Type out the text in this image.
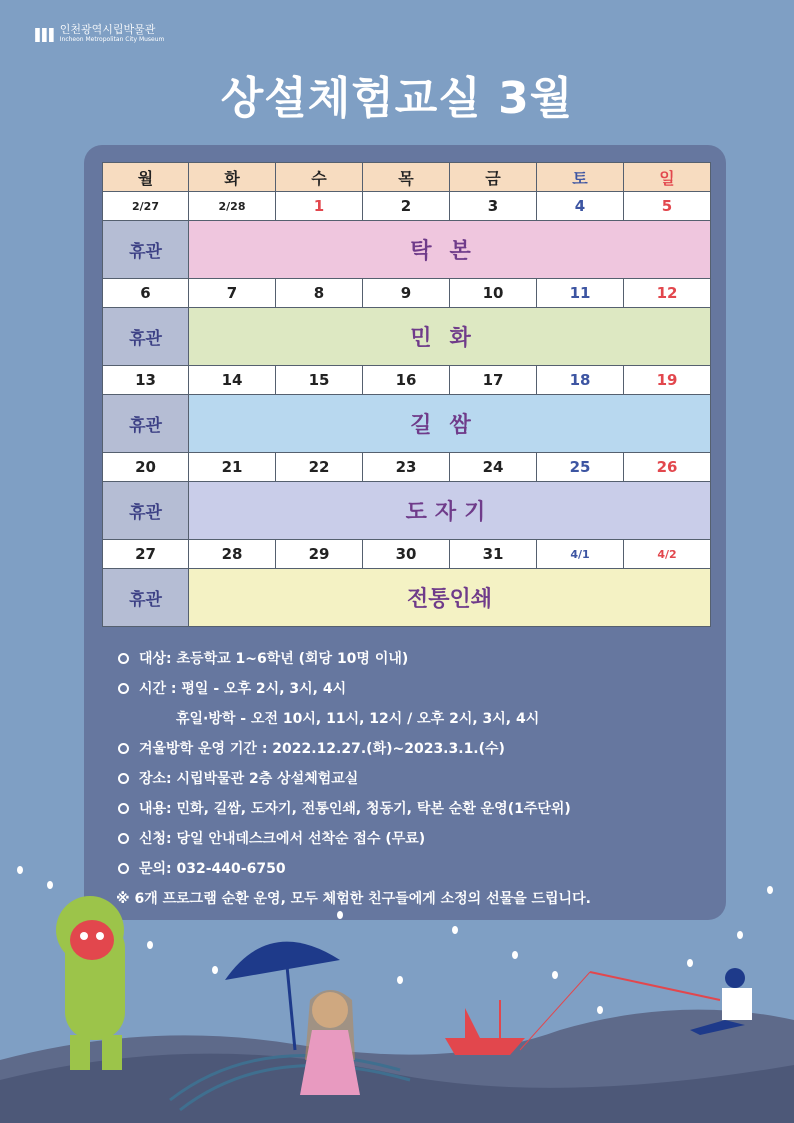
ııı 인천광역시립박물관
Incheon Metropolitan City Museum
상설체험교실 3월
월	화	수	목	금	토	일
2/27	2/28	1	2	3	4	5
휴관	탁본					
6	7	8	9	10	11	12
휴관	민화					
13	14	15	16	17	18	19
휴관	길쌈					
20	21	22	23	24	25	26
휴관	도자기					
27	28	29	30	31	4/1	4/2
휴관	전통인쇄					
대상: 초등학교 1~6학년 (회당 10명 이내)
시간 : 평일 - 오후 2시, 3시, 4시
휴일·방학 - 오전 10시, 11시, 12시 / 오후 2시, 3시, 4시
겨울방학 운영 기간 : 2022.12.27.(화)~2023.3.1.(수)
장소: 시립박물관 2층 상설체험교실
내용: 민화, 길쌈, 도자기, 전통인쇄, 청동기, 탁본 순환 운영(1주단위)
신청: 당일 안내데스크에서 선착순 접수 (무료)
문의: 032-440-6750
※ 6개 프로그램 순환 운영, 모두 체험한 친구들에게 소정의 선물을 드립니다.
